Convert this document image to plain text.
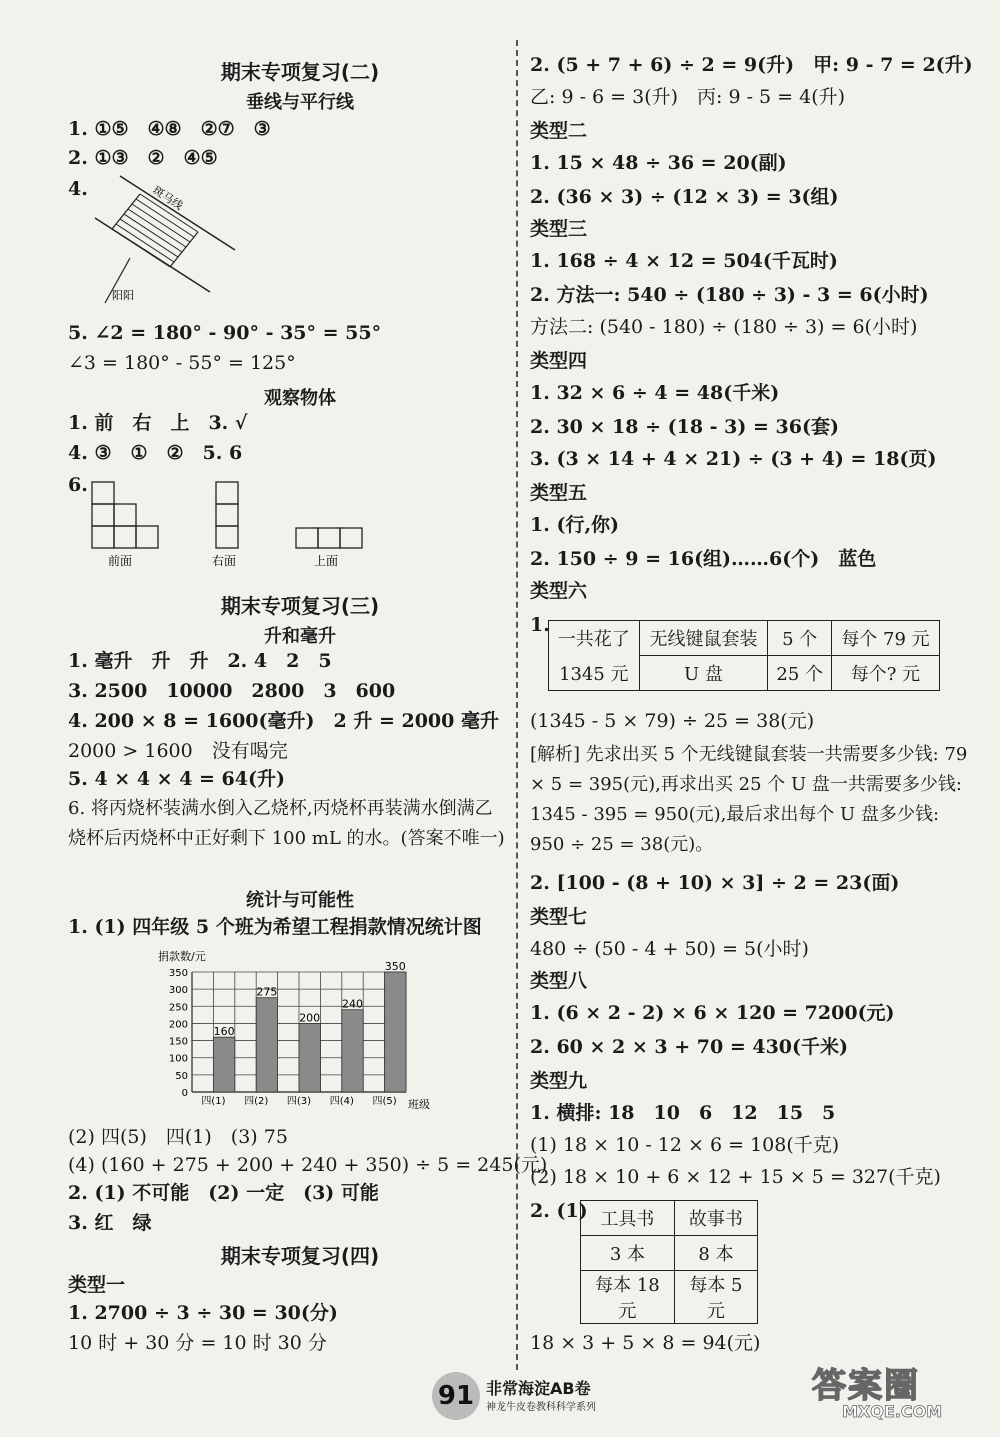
期末专项复习(二)
垂线与平行线
1. ①⑤　④⑧　②⑦　③
2. ①③　②　④⑤
4.	斑马线
阳阳
5. ∠2 = 180° - 90° - 35° = 55°
∠3 = 180° - 55° = 125°
观察物体
1. 前　右　上　3. √
4. ③　①　②　5. 6
6.
前面	右面	上面
期末专项复习(三)
升和毫升
1. 毫升　升　升　2. 4　2　5
3. 2500　10000　2800　3　600
4. 200 × 8 = 1600(毫升)　2 升 = 2000 毫升
2000 > 1600　没有喝完
5. 4 × 4 × 4 = 64(升)
6. 将丙烧杯装满水倒入乙烧杯,丙烧杯再装满水倒满乙烧杯后丙烧杯中正好剩下 100 mL 的水。(答案不唯一)
统计与可能性
1. (1) 四年级 5 个班为希望工程捐款情况统计图
捐款数/元
0
50
100
150
200
250
300
350
160
275
200
240
350
四(1) 四(2) 四(3) 四(4) 四(5) 班级
(2) 四(5)　四(1)　(3) 75
(4) (160 + 275 + 200 + 240 + 350) ÷ 5 = 245(元)
2. (1) 不可能　(2) 一定　(3) 可能
3. 红　绿
期末专项复习(四)
类型一
1. 2700 ÷ 3 ÷ 30 = 30(分)
10 时 + 30 分 = 10 时 30 分
2. (5 + 7 + 6) ÷ 2 = 9(升)　甲: 9 - 7 = 2(升)
乙: 9 - 6 = 3(升)　丙: 9 - 5 = 4(升)
类型二
1. 15 × 48 ÷ 36 = 20(副)
2. (36 × 3) ÷ (12 × 3) = 3(组)
类型三
1. 168 ÷ 4 × 12 = 504(千瓦时)
2. 方法一: 540 ÷ (180 ÷ 3) - 3 = 6(小时)
方法二: (540 - 180) ÷ (180 ÷ 3) = 6(小时)
类型四
1. 32 × 6 ÷ 4 = 48(千米)
2. 30 × 18 ÷ (18 - 3) = 36(套)
3. (3 × 14 + 4 × 21) ÷ (3 + 4) = 18(页)
类型五
1. (行,你)
2. 150 ÷ 9 = 16(组)……6(个)　蓝色
类型六
1.
一共花了	无线键鼠套装	5 个	每个 79 元
1345 元	U 盘	25 个	每个? 元
(1345 - 5 × 79) ÷ 25 = 38(元)
[解析] 先求出买 5 个无线键鼠套装一共需要多少钱: 79 × 5 = 395(元),再求出买 25 个 U 盘一共需要多少钱: 1345 - 395 = 950(元),最后求出每个 U 盘多少钱: 950 ÷ 25 = 38(元)。
2. [100 - (8 + 10) × 3] ÷ 2 = 23(面)
类型七
480 ÷ (50 - 4 + 50) = 5(小时)
类型八
1. (6 × 2 - 2) × 6 × 120 = 7200(元)
2. 60 × 2 × 3 + 70 = 430(千米)
类型九
1. 横排: 18　10　6　12　15　5
(1) 18 × 10 - 12 × 6 = 108(千克)
(2) 18 × 10 + 6 × 12 + 15 × 5 = 327(千克)
2. (1) 工具书	故事书
3 本	8 本
每本 18 元	每本 5 元
18 × 3 + 5 × 8 = 94(元)
91 非常海淀AB卷
神龙牛皮卷教科科学系列
答案圈
MXQE.COM
